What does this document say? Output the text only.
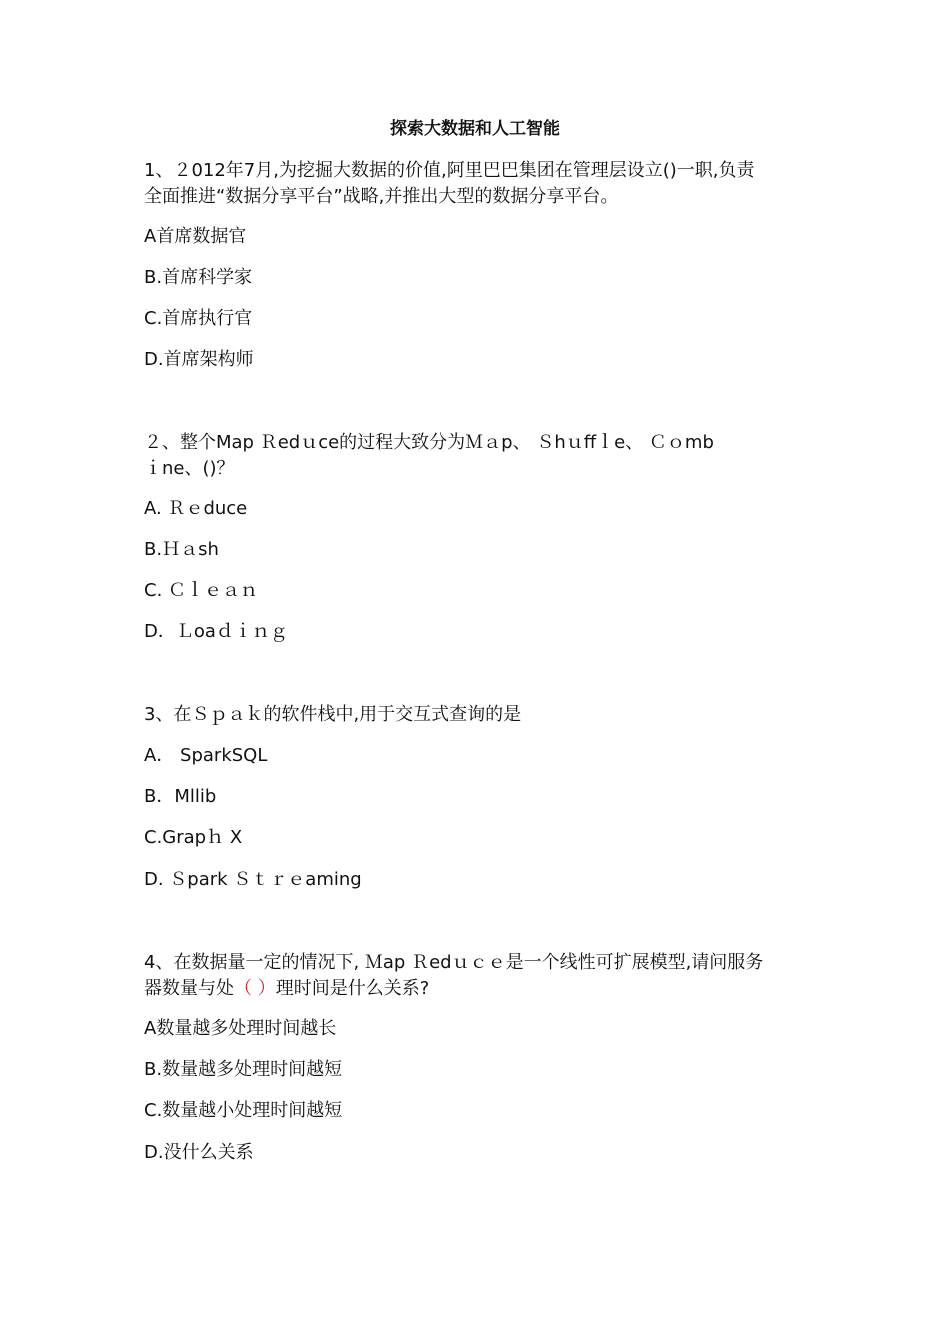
探索大数据和人工智能
1、２012年7月,为挖掘大数据的价值,阿里巴巴集团在管理层设立()一职,负责
全面推进“数据分享平台”战略,并推出大型的数据分享平台。
A首席数据官
B.首席科学家
C.首席执行官
D.首席架构师
２、整个Map Ｒedｕce的过程大致分为Ｍａp、 Ｓhｕffｌe、 Ｃｏmb
ｉne、()？
A. Ｒｅduce
B.Ｈａsh
C. Ｃｌｅａｎ
D．Ｌoaｄｉｎｇ
3、在Ｓｐａｋ的软件栈中,用于交互式查询的是
A． SparkSQL
B．Mllib
C.Grapｈ X
D. Ｓpark Ｓｔｒｅaming
4、在数据量一定的情况下, Ｍap Ｒedｕｃｅ是一个线性可扩展模型,请问服务
器数量与处（ ）理时间是什么关系?
A数量越多处理时间越长
B.数量越多处理时间越短
C.数量越小处理时间越短
D.没什么关系
